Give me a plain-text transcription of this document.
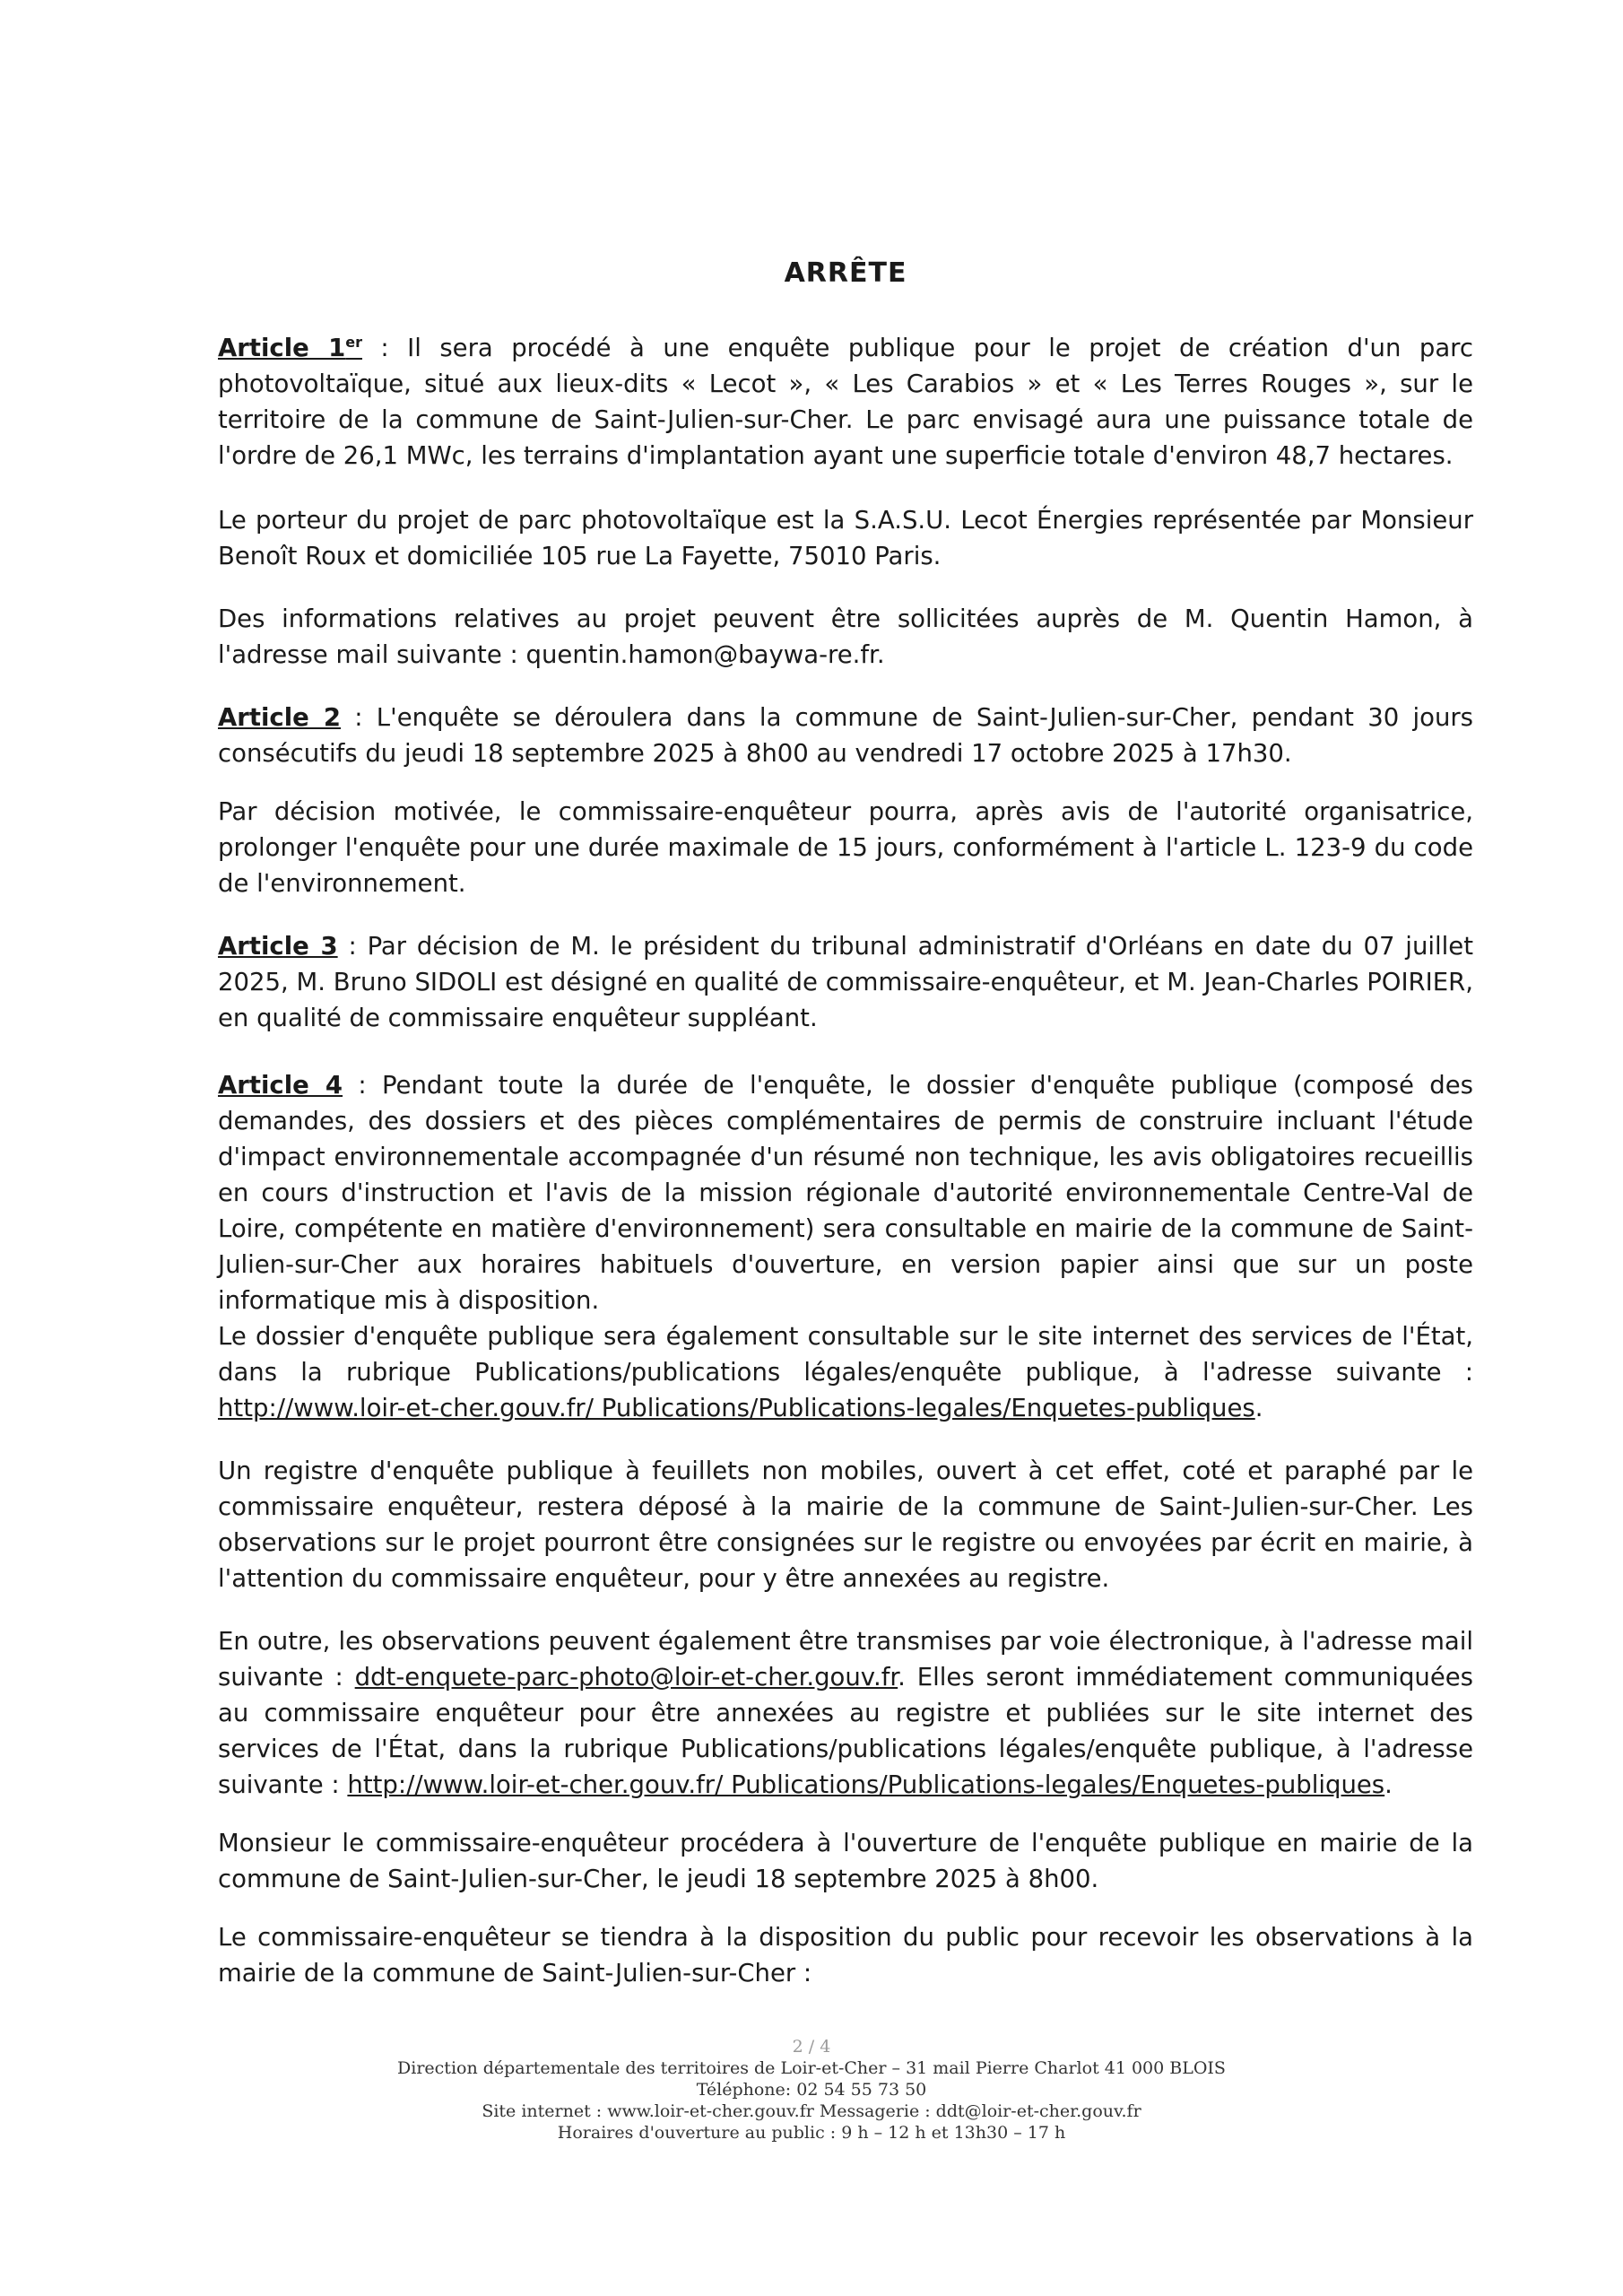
ARRÊTE

Article 1er : Il sera procédé à une enquête publique pour le projet de création d'un parc photovoltaïque, situé aux lieux-dits « Lecot », « Les Carabios » et « Les Terres Rouges », sur le territoire de la commune de Saint-Julien-sur-Cher. Le parc envisagé aura une puissance totale de l'ordre de 26,1 MWc, les terrains d'implantation ayant une superficie totale d'environ 48,7 hectares.

Le porteur du projet de parc photovoltaïque est la S.A.S.U. Lecot Énergies représentée par Monsieur Benoît Roux et domiciliée 105 rue La Fayette, 75010 Paris.

Des informations relatives au projet peuvent être sollicitées auprès de M. Quentin Hamon, à l'adresse mail suivante : quentin.hamon@baywa-re.fr.

Article 2 : L'enquête se déroulera dans la commune de Saint-Julien-sur-Cher, pendant 30 jours consécutifs du jeudi 18 septembre 2025 à 8h00 au vendredi 17 octobre 2025 à 17h30.

Par décision motivée, le commissaire-enquêteur pourra, après avis de l'autorité organisatrice, prolonger l'enquête pour une durée maximale de 15 jours, conformément à l'article L. 123-9 du code de l'environnement.

Article 3 : Par décision de M. le président du tribunal administratif d'Orléans en date du 07 juillet 2025, M. Bruno SIDOLI est désigné en qualité de commissaire-enquêteur, et M. Jean-Charles POIRIER, en qualité de commissaire enquêteur suppléant.

Article 4 : Pendant toute la durée de l'enquête, le dossier d'enquête publique (composé des demandes, des dossiers et des pièces complémentaires de permis de construire incluant l'étude d'impact environnementale accompagnée d'un résumé non technique, les avis obligatoires recueillis en cours d'instruction et l'avis de la mission régionale d'autorité environnementale Centre-Val de Loire, compétente en matière d'environnement) sera consultable en mairie de la commune de Saint-Julien-sur-Cher aux horaires habituels d'ouverture, en version papier ainsi que sur un poste informatique mis à disposition.

Le dossier d'enquête publique sera également consultable sur le site internet des services de l'État, dans la rubrique Publications/publications légales/enquête publique, à l'adresse suivante : http://www.loir-et-cher.gouv.fr/ Publications/Publications-legales/Enquetes-publiques.

Un registre d'enquête publique à feuillets non mobiles, ouvert à cet effet, coté et paraphé par le commissaire enquêteur, restera déposé à la mairie de la commune de Saint-Julien-sur-Cher. Les observations sur le projet pourront être consignées sur le registre ou envoyées par écrit en mairie, à l'attention du commissaire enquêteur, pour y être annexées au registre.

En outre, les observations peuvent également être transmises par voie électronique, à l'adresse mail suivante : ddt-enquete-parc-photo@loir-et-cher.gouv.fr. Elles seront immédiatement communiquées au commissaire enquêteur pour être annexées au registre et publiées sur le site internet des services de l'État, dans la rubrique Publications/publications légales/enquête publique, à l'adresse suivante : http://www.loir-et-cher.gouv.fr/ Publications/Publications-legales/Enquetes-publiques.

Monsieur le commissaire-enquêteur procédera à l'ouverture de l'enquête publique en mairie de la commune de Saint-Julien-sur-Cher, le jeudi 18 septembre 2025 à 8h00.

Le commissaire-enquêteur se tiendra à la disposition du public pour recevoir les observations à la mairie de la commune de Saint-Julien-sur-Cher :

2 / 4
Direction départementale des territoires de Loir-et-Cher – 31 mail Pierre Charlot 41 000 BLOIS
Téléphone: 02 54 55 73 50
Site internet : www.loir-et-cher.gouv.fr Messagerie : ddt@loir-et-cher.gouv.fr
Horaires d'ouverture au public : 9 h – 12 h et 13h30 – 17 h
